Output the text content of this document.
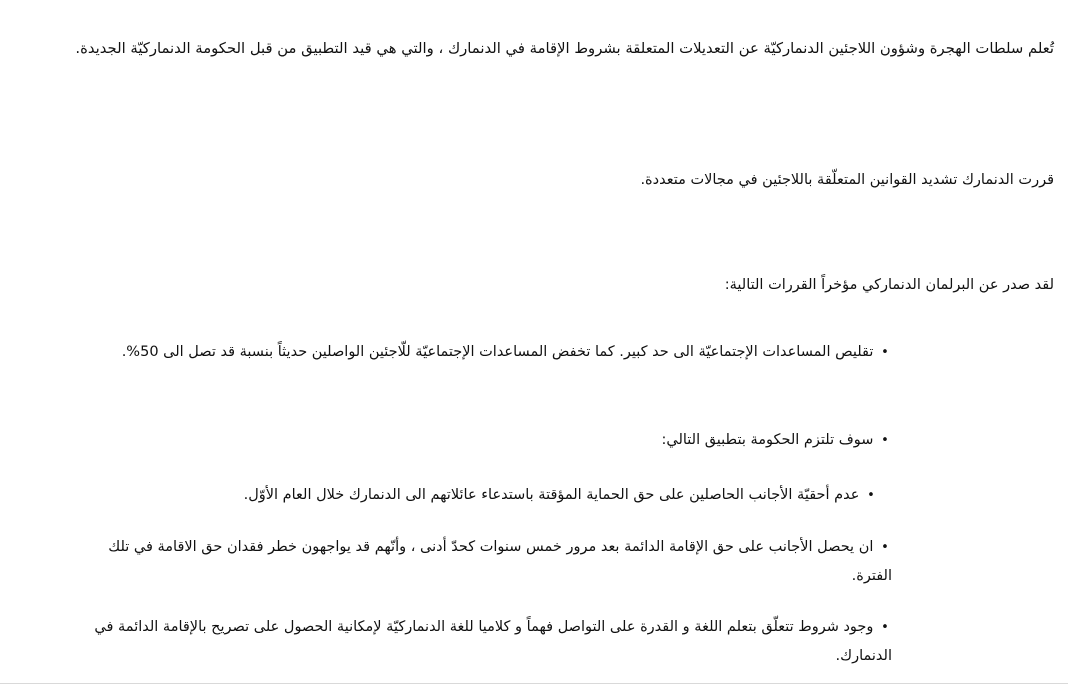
تُعلم سلطات الهجرة وشؤون اللاجئين الدنماركيّة عن التعديلات المتعلقة بشروط الإقامة في الدنمارك ، والتي هي قيد التطبيق من قبل الحكومة الدنماركيّة الجديدة.
قررت الدنمارك تشديد القوانين المتعلّقة باللاجئين في مجالات متعددة.
لقد صدر عن البرلمان الدنماركي مؤخراً القررات التالية:
• تقليص المساعدات الإجتماعيّة الى حد كبير. كما تخفض المساعدات الإجتماعيّة للّاجئين الواصلين حديثاً بنسبة قد تصل الى 50%.
• سوف تلتزم الحكومة بتطبيق التالي:
• عدم أحقيّة الأجانب الحاصلين على حق الحماية المؤقتة باستدعاء عائلاتهم الى الدنمارك خلال العام الأوّل.
• ان يحصل الأجانب على حق الإقامة الدائمة بعد مرور خمس سنوات كحدّ أدنى ، وأنّهم قد يواجهون خطر فقدان حق الاقامة في تلك الفترة.
• وجود شروط تتعلّق بتعلم اللغة و القدرة على التواصل فهماً و كلاميا للغة الدنماركيّة لإمكانية الحصول على تصريح بالإقامة الدائمة في الدنمارك.
